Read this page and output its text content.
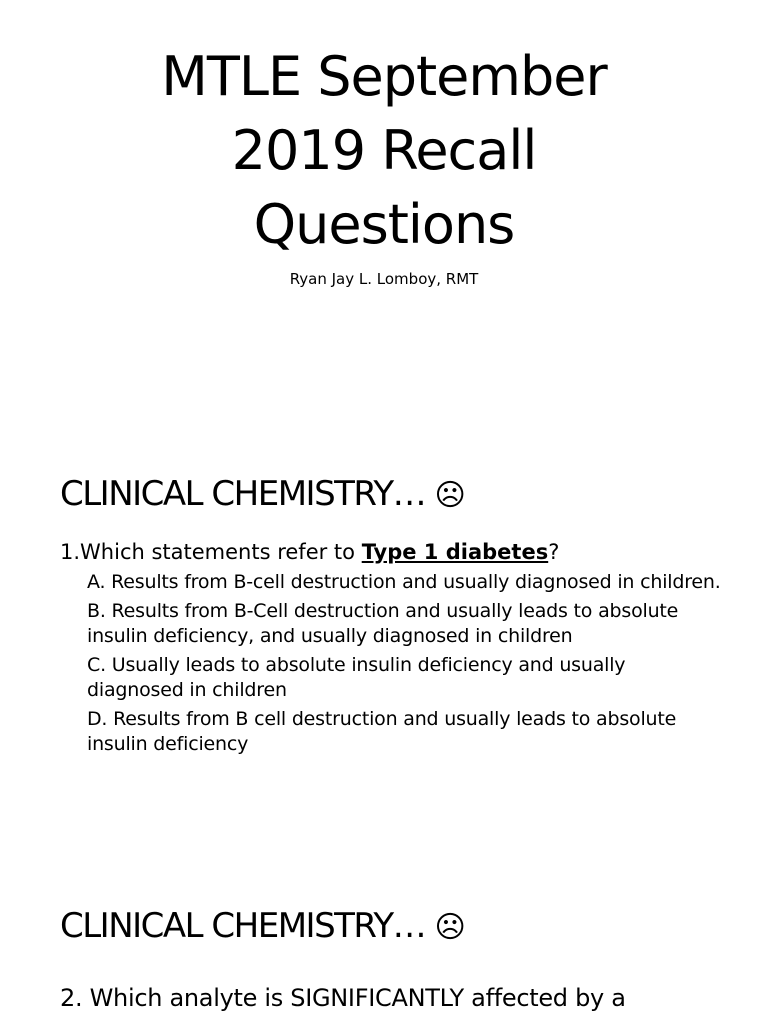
MTLE September
2019 Recall
Questions
Ryan Jay L. Lomboy, RMT
CLINICAL CHEMISTRY… ☹
1.Which statements refer to Type 1 diabetes?
A. Results from B-cell destruction and usually diagnosed in children.
B. Results from B-Cell destruction and usually leads to absolute insulin deficiency, and usually diagnosed in children
C. Usually leads to absolute insulin deficiency and usually diagnosed in children
D. Results from B cell destruction and usually leads to absolute insulin deficiency
CLINICAL CHEMISTRY… ☹
2. Which analyte is SIGNIFICANTLY affected by a
